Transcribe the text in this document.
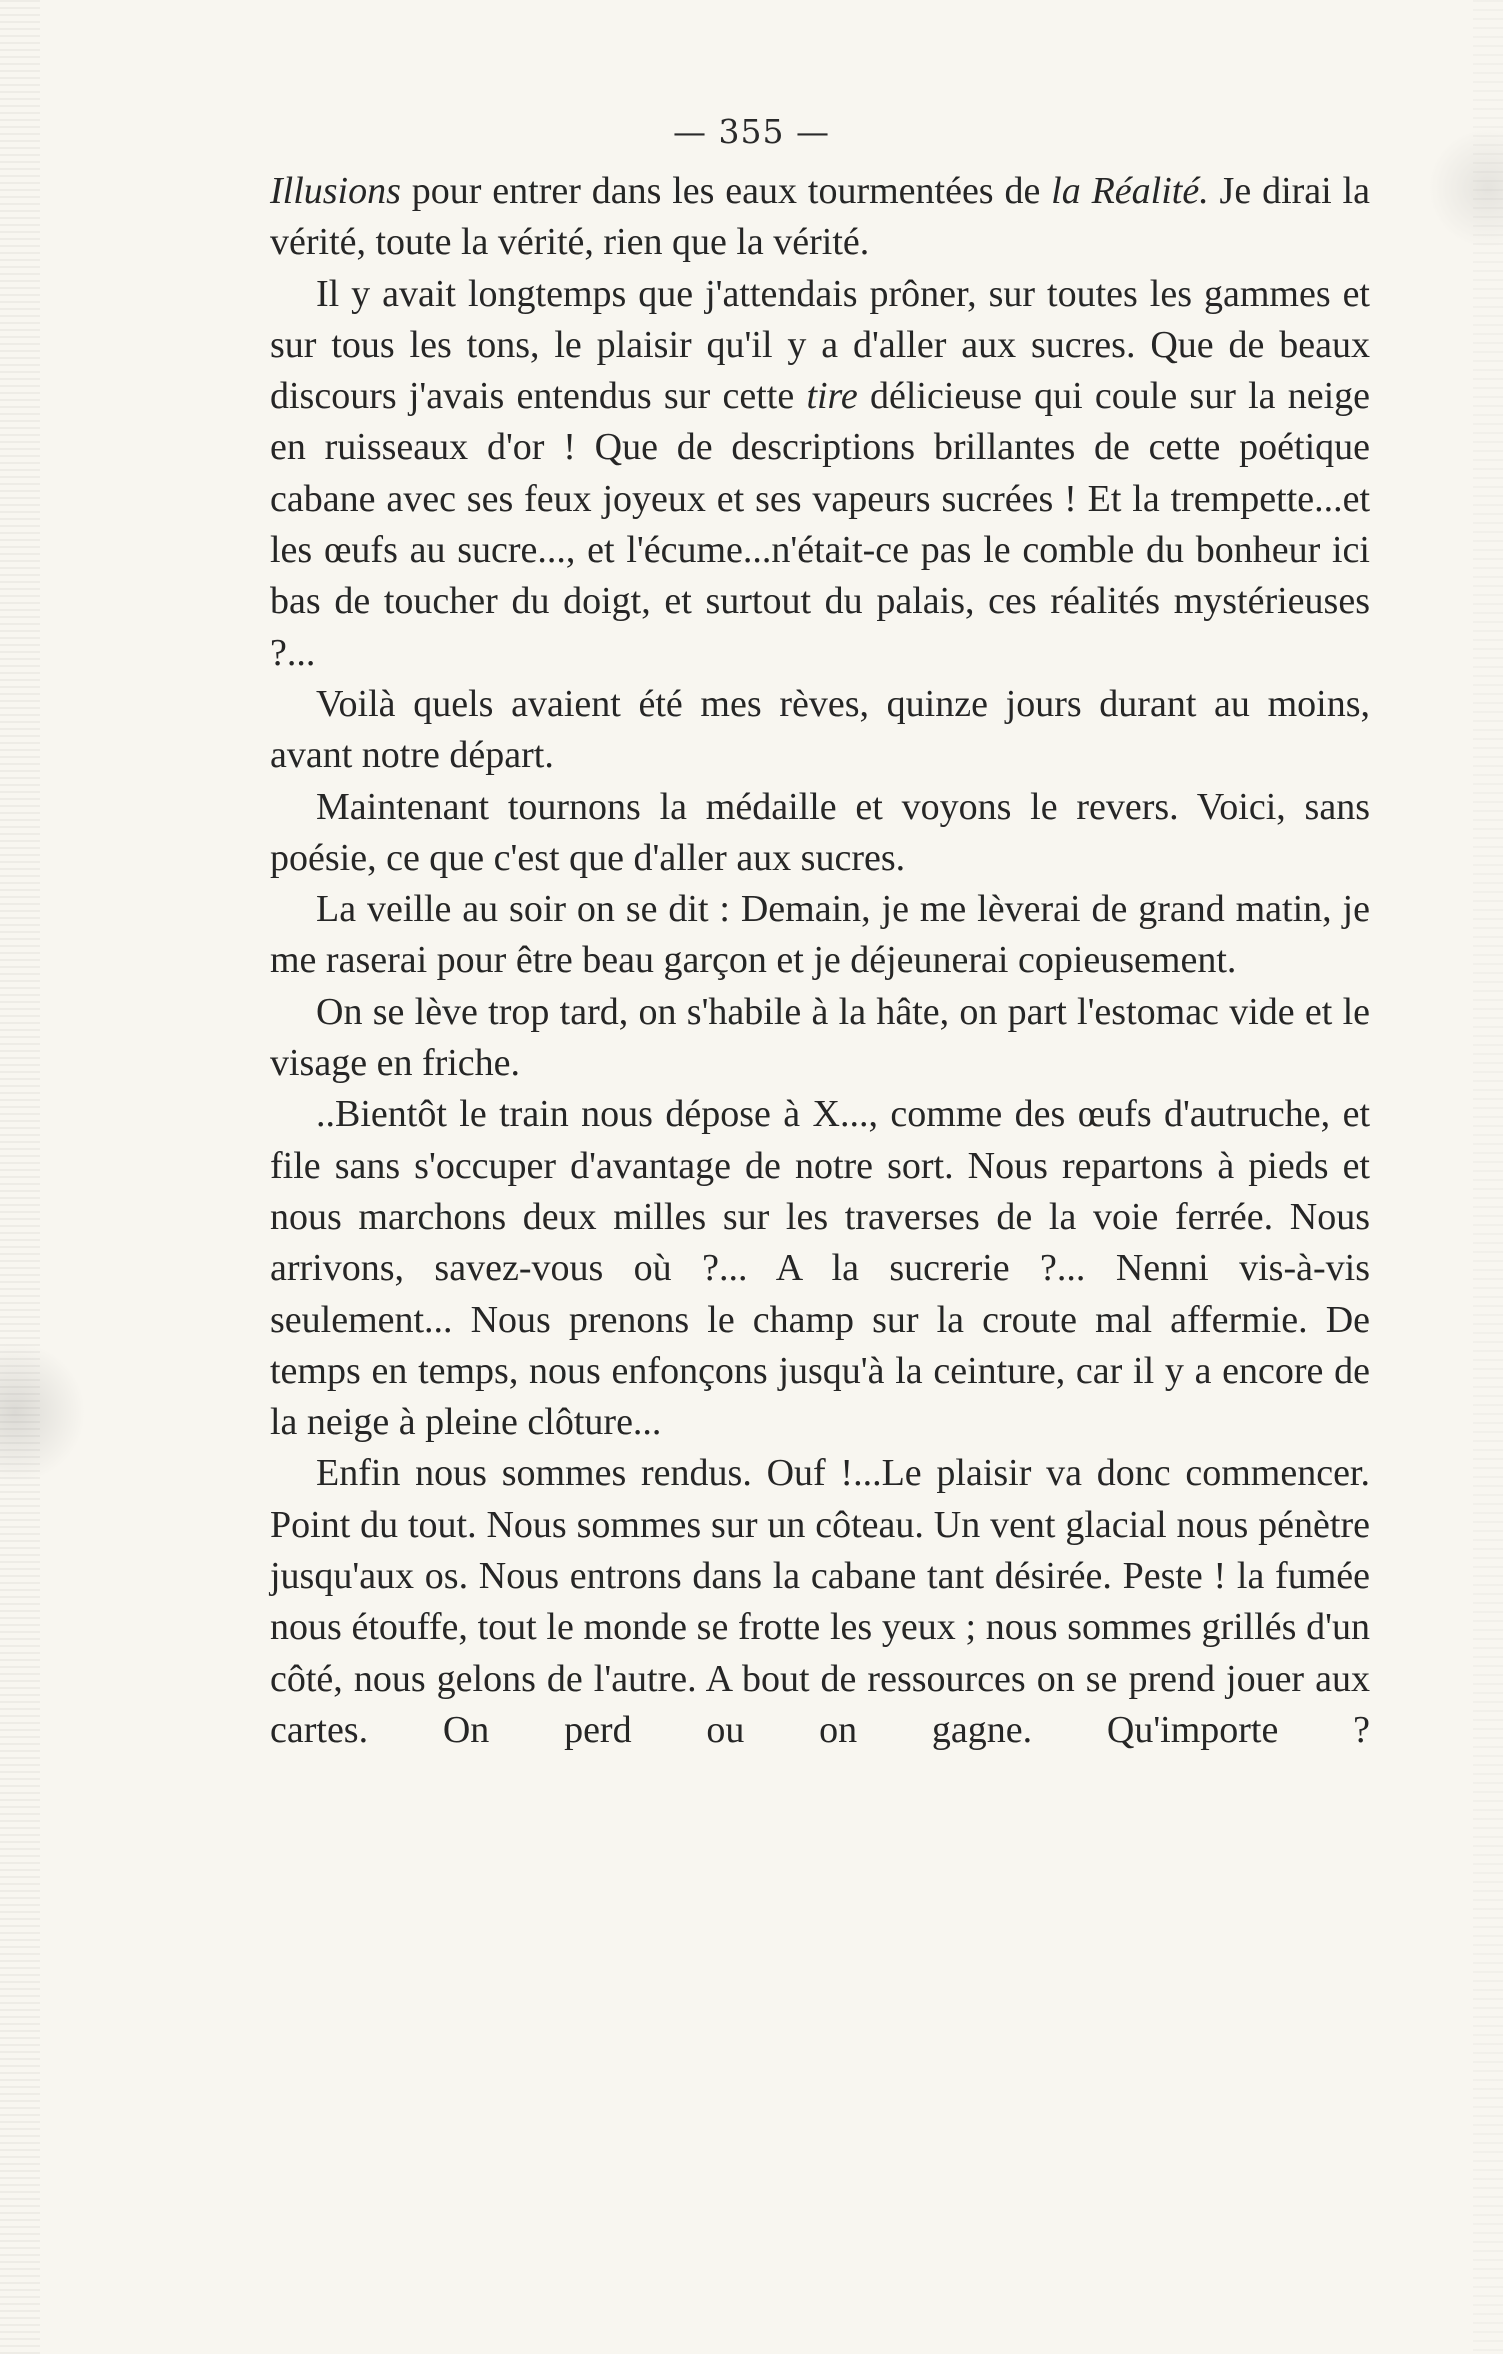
— 355 —

Illusions pour entrer dans les eaux tourmentées de la Réalité. Je dirai la vérité, toute la vérité, rien que la vérité.

Il y avait longtemps que j'attendais prôner, sur toutes les gammes et sur tous les tons, le plaisir qu'il y a d'aller aux sucres. Que de beaux discours j'avais entendus sur cette tire délicieuse qui coule sur la neige en ruisseaux d'or ! Que de descriptions brillantes de cette poétique cabane avec ses feux joyeux et ses vapeurs sucrées ! Et la trempette...et les œufs au sucre..., et l'écume...n'était-ce pas le comble du bonheur ici bas de toucher du doigt, et surtout du palais, ces réalités mystérieuses ?...

Voilà quels avaient été mes rèves, quinze jours durant au moins, avant notre départ.

Maintenant tournons la médaille et voyons le revers. Voici, sans poésie, ce que c'est que d'aller aux sucres.

La veille au soir on se dit : Demain, je me lèverai de grand matin, je me raserai pour être beau garçon et je déjeunerai copieusement.

On se lève trop tard, on s'habile à la hâte, on part l'estomac vide et le visage en friche.

..Bientôt le train nous dépose à X..., comme des œufs d'autruche, et file sans s'occuper d'avantage de notre sort. Nous repartons à pieds et nous marchons deux milles sur les traverses de la voie ferrée. Nous arrivons, savez-vous où ?... A la sucrerie ?... Nenni vis-à-vis seulement... Nous prenons le champ sur la croute mal affermie. De temps en temps, nous enfonçons jusqu'à la ceinture, car il y a encore de la neige à pleine clôture...

Enfin nous sommes rendus. Ouf !...Le plaisir va donc commencer. Point du tout. Nous sommes sur un côteau. Un vent glacial nous pénètre jusqu'aux os. Nous entrons dans la cabane tant désirée. Peste ! la fumée nous étouffe, tout le monde se frotte les yeux ; nous sommes grillés d'un côté, nous gelons de l'autre. A bout de ressources on se prend jouer aux cartes. On perd ou on gagne. Qu'importe ?
